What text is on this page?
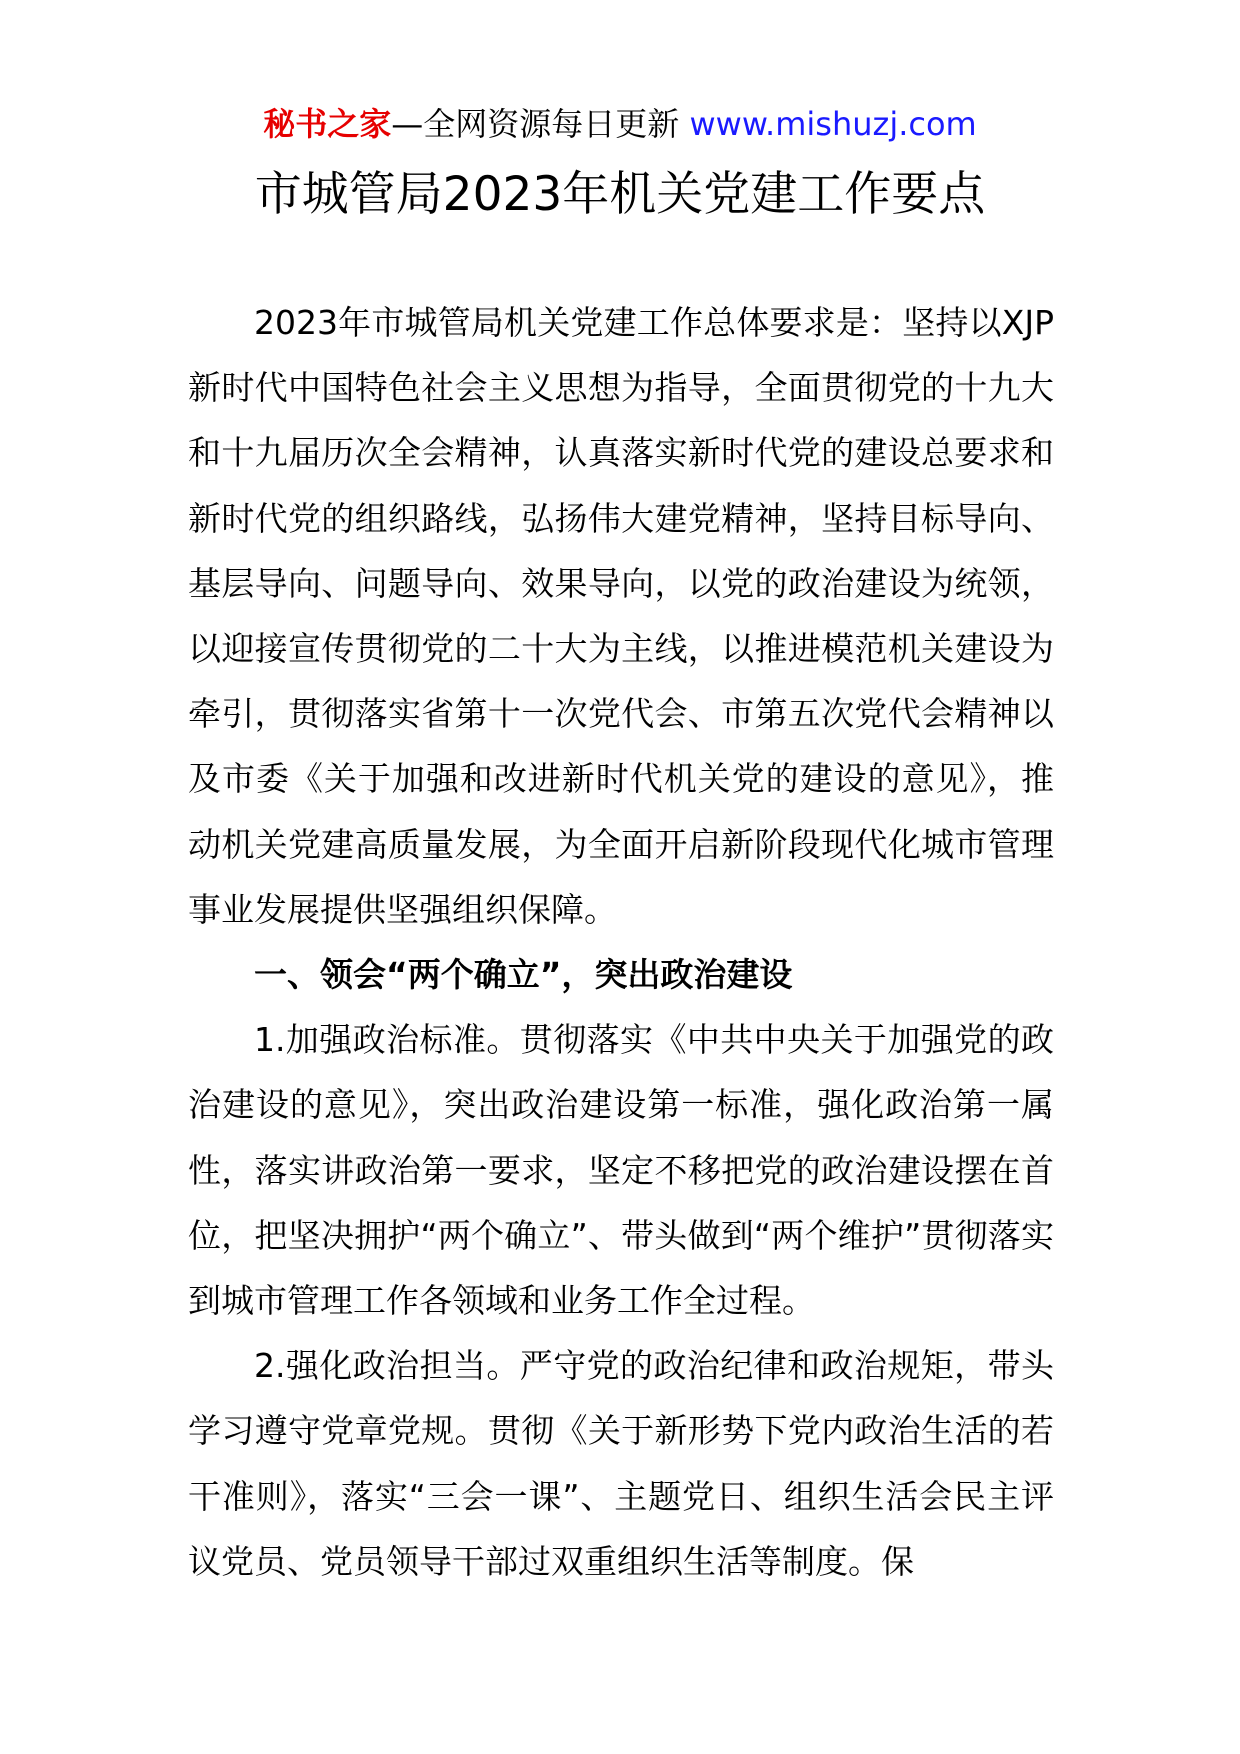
秘书之家—全网资源每日更新 www.mishuzj.com
市城管局2023年机关党建工作要点

2023年市城管局机关党建工作总体要求是：坚持以XJP新时代中国特色社会主义思想为指导，全面贯彻党的十九大和十九届历次全会精神，认真落实新时代党的建设总要求和新时代党的组织路线，弘扬伟大建党精神，坚持目标导向、基层导向、问题导向、效果导向，以党的政治建设为统领，以迎接宣传贯彻党的二十大为主线，以推进模范机关建设为牵引，贯彻落实省第十一次党代会、市第五次党代会精神以及市委《关于加强和改进新时代机关党的建设的意见》，推动机关党建高质量发展，为全面开启新阶段现代化城市管理事业发展提供坚强组织保障。

一、领会“两个确立”，突出政治建设

1.加强政治标准。贯彻落实《中共中央关于加强党的政治建设的意见》，突出政治建设第一标准，强化政治第一属性，落实讲政治第一要求，坚定不移把党的政治建设摆在首位，把坚决拥护“两个确立”、带头做到“两个维护”贯彻落实到城市管理工作各领域和业务工作全过程。

2.强化政治担当。严守党的政治纪律和政治规矩，带头学习遵守党章党规。贯彻《关于新形势下党内政治生活的若干准则》，落实“三会一课”、主题党日、组织生活会民主评议党员、党员领导干部过双重组织生活等制度。保
